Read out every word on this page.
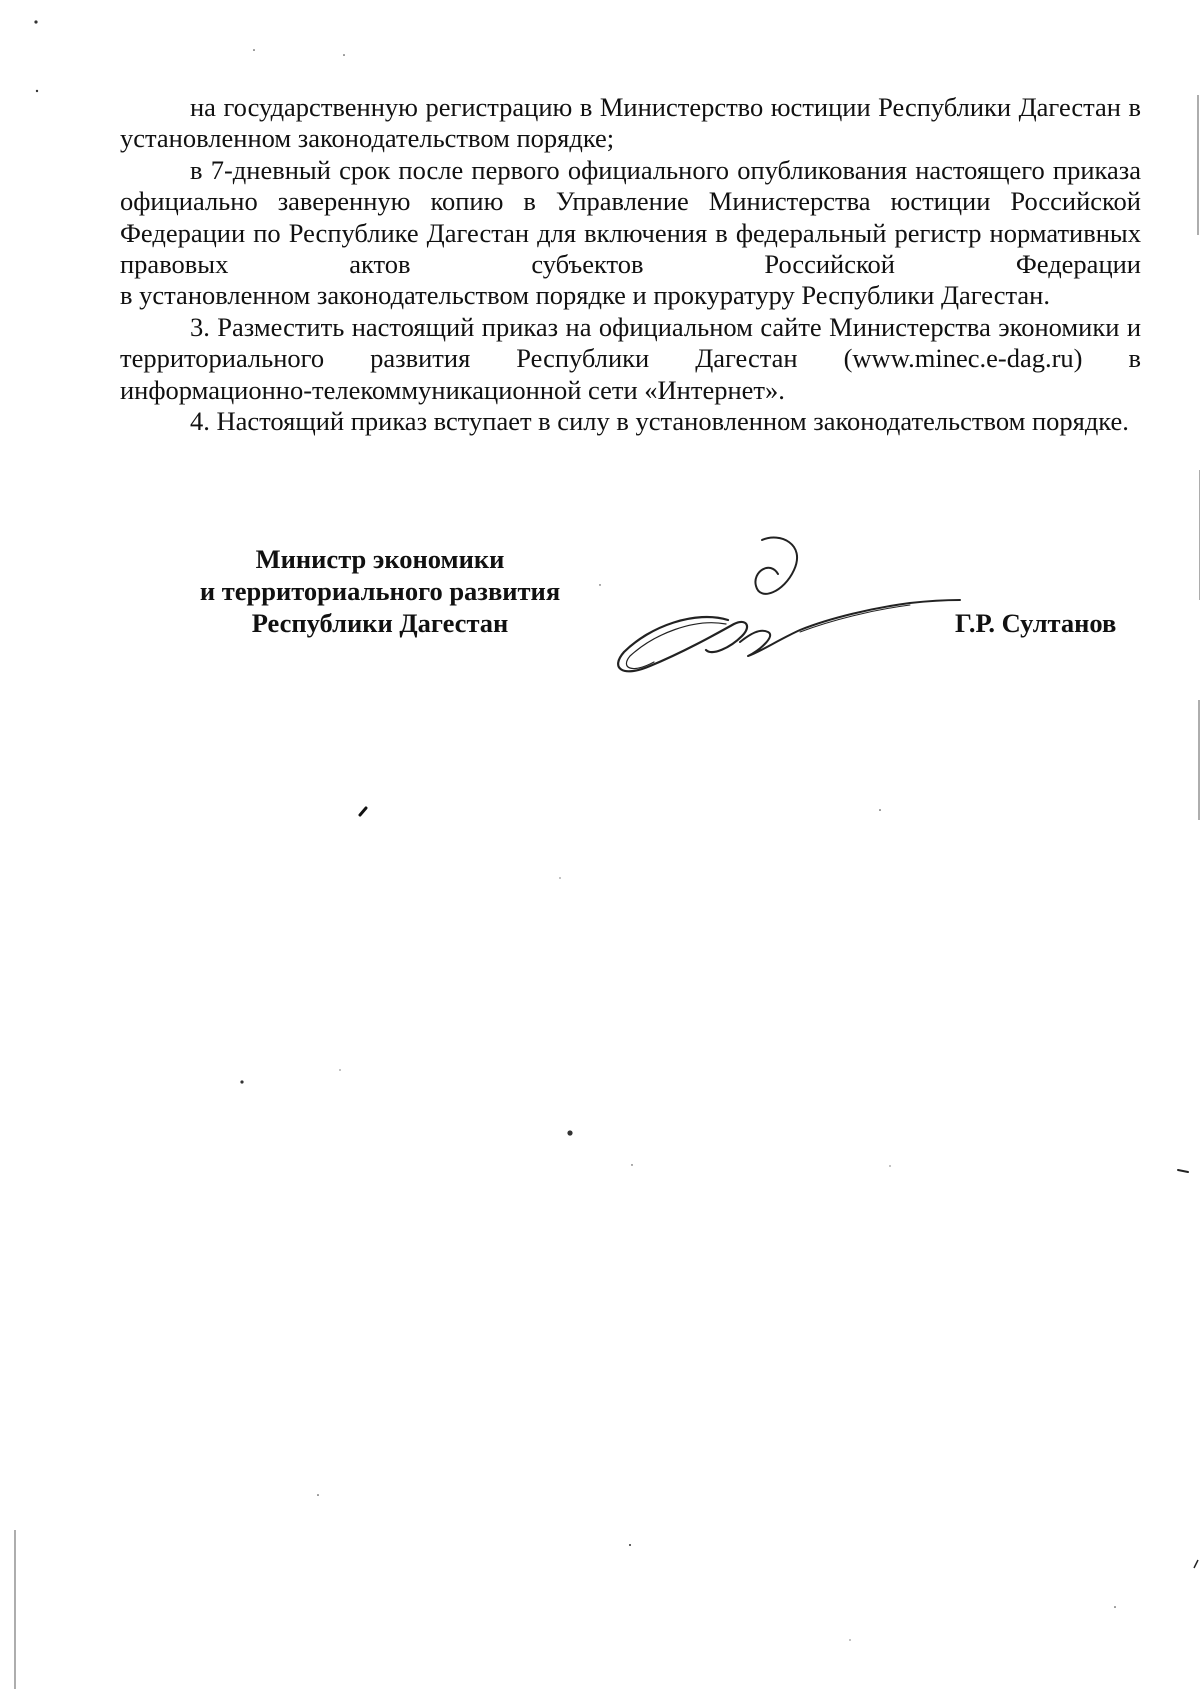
на государственную регистрацию в Министерство юстиции Республики Дагестан в установленном законодательством порядке;

в 7-дневный срок после первого официального опубликования настоящего приказа официально заверенную копию в Управление Министерства юстиции Российской Федерации по Республике Дагестан для включения в федеральный регистр нормативных правовых актов субъектов Российской Федерации

в установленном законодательством порядке и прокуратуру Республики Дагестан.

3. Разместить настоящий приказ на официальном сайте Министерства экономики и территориального развития Республики Дагестан (www.minec.e-dag.ru) в информационно-телекоммуникационной сети «Интернет».

4. Настоящий приказ вступает в силу в установленном законодательством порядке.

Министр экономики
и территориального развития
Республики Дагестан	Г.Р. Султанов
